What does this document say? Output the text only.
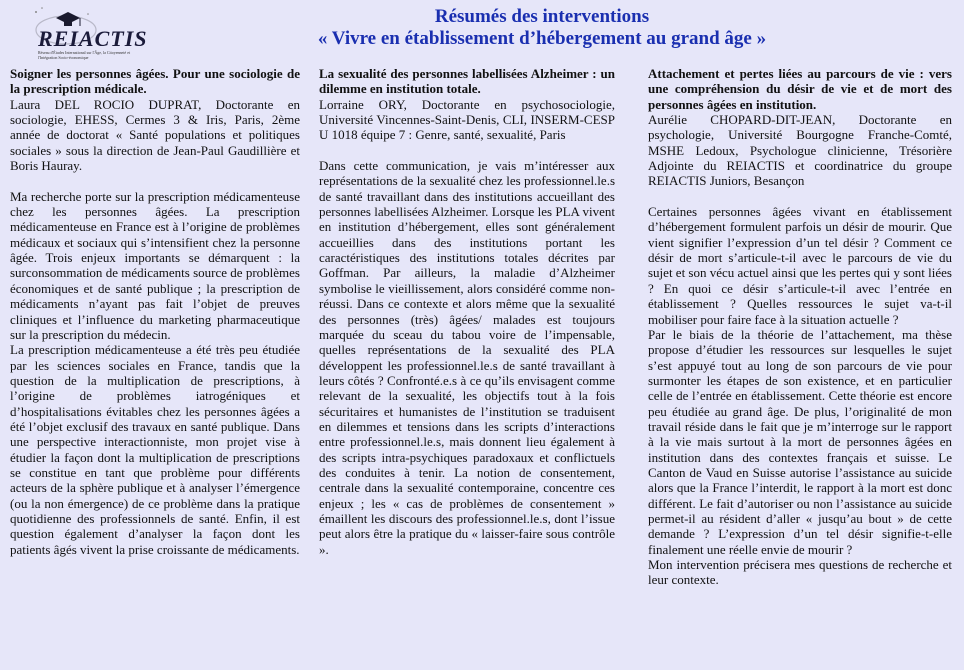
REIACTIS
Réseau d'Études International sur l'Âge, la Citoyenneté et l'Intégration Socio-économique
Résumés des interventions
« Vivre en établissement d’hébergement au grand âge »

Soigner les personnes âgées. Pour une sociologie de la prescription médicale.

Laura DEL ROCIO DUPRAT, Doctorante en sociologie, EHESS, Cermes 3 & Iris, Paris, 2ème année de doctorat « Santé populations et politiques sociales » sous la direction de Jean-Paul Gaudillière et Boris Hauray.

Ma recherche porte sur la prescription médicamenteuse chez les personnes âgées. La prescription médicamenteuse en France est à l’origine de problèmes médicaux et sociaux qui s’intensifient chez la personne âgée. Trois enjeux importants se démarquent : la surconsommation de médicaments source de problèmes économiques et de santé publique ; la prescription de médicaments n’ayant pas fait l’objet de preuves cliniques et l’influence du marketing pharmaceutique sur la prescription du médecin.

La prescription médicamenteuse a été très peu étudiée par les sciences sociales en France, tandis que la question de la multiplication de prescriptions, à l’origine de problèmes iatrogéniques et d’hospitalisations évitables chez les personnes âgées a été l’objet exclusif des travaux en santé publique. Dans une perspective interactionniste, mon projet vise à étudier la façon dont la multiplication de prescriptions se constitue en tant que problème pour différents acteurs de la sphère publique et à analyser l’émergence (ou la non émergence) de ce problème dans la pratique quotidienne des professionnels de santé. Enfin, il est question également d’analyser la façon dont les patients âgés vivent la prise croissante de médicaments.

La sexualité des personnes labellisées Alzheimer : un dilemme en institution totale.

Lorraine ORY, Doctorante en psychosociologie, Université Vincennes-Saint-Denis, CLI, INSERM-CESP U 1018 équipe 7 : Genre, santé, sexualité, Paris

Dans cette communication, je vais m’intéresser aux représentations de la sexualité chez les professionnel.le.s de santé travaillant dans des institutions accueillant des personnes labellisées Alzheimer. Lorsque les PLA vivent en institution d’hébergement, elles sont généralement accueillies dans des institutions portant les caractéristiques des institutions totales décrites par Goffman. Par ailleurs, la maladie d’Alzheimer symbolise le vieillissement, alors considéré comme non-réussi. Dans ce contexte et alors même que la sexualité des personnes (très) âgées/ malades est toujours marquée du sceau du tabou voire de l’impensable, quelles représentations de la sexualité des PLA développent les professionnel.le.s de santé travaillant à leurs côtés ? Confronté.e.s à ce qu’ils envisagent comme relevant de la sexualité, les objectifs tout à la fois sécuritaires et humanistes de l’institution se traduisent en dilemmes et tensions dans les scripts d’interactions entre professionnel.le.s, mais donnent lieu également à des scripts intra-psychiques paradoxaux et conflictuels des conduites à tenir. La notion de consentement, centrale dans la sexualité contemporaine, concentre ces enjeux ; les « cas de problèmes de consentement » émaillent les discours des professionnel.le.s, dont l’issue peut alors être la pratique du « laisser-faire sous contrôle ».

Attachement et pertes liées au parcours de vie : vers une compréhension du désir de vie et de mort des personnes âgées en institution.

Aurélie CHOPARD-DIT-JEAN, Doctorante en psychologie, Université Bourgogne Franche-Comté, MSHE Ledoux, Psychologue clinicienne, Trésorière Adjointe du REIACTIS et coordinatrice du groupe REIACTIS Juniors, Besançon

Certaines personnes âgées vivant en établissement d’hébergement formulent parfois un désir de mourir. Que vient signifier l’expression d’un tel désir ? Comment ce désir de mort s’articule-t-il avec le parcours de vie du sujet et son vécu actuel ainsi que les pertes qui y sont liées ? En quoi ce désir s’articule-t-il avec l’entrée en établissement ? Quelles ressources le sujet va-t-il mobiliser pour faire face à la situation actuelle ?

Par le biais de la théorie de l’attachement, ma thèse propose d’étudier les ressources sur lesquelles le sujet s’est appuyé tout au long de son parcours de vie pour surmonter les étapes de son existence, et en particulier celle de l’entrée en établissement. Cette théorie est encore peu étudiée au grand âge. De plus, l’originalité de mon travail réside dans le fait que je m’interroge sur le rapport à la vie mais surtout à la mort de personnes âgées en institution dans des contextes français et suisse. Le Canton de Vaud en Suisse autorise l’assistance au suicide alors que la France l’interdit, le rapport à la mort est donc différent. Le fait d’autoriser ou non l’assistance au suicide permet-il au résident d’aller « jusqu’au bout » de cette demande ? L’expression d’un tel désir signifie-t-elle finalement une réelle envie de mourir ?

Mon intervention précisera mes questions de recherche et leur contexte.
